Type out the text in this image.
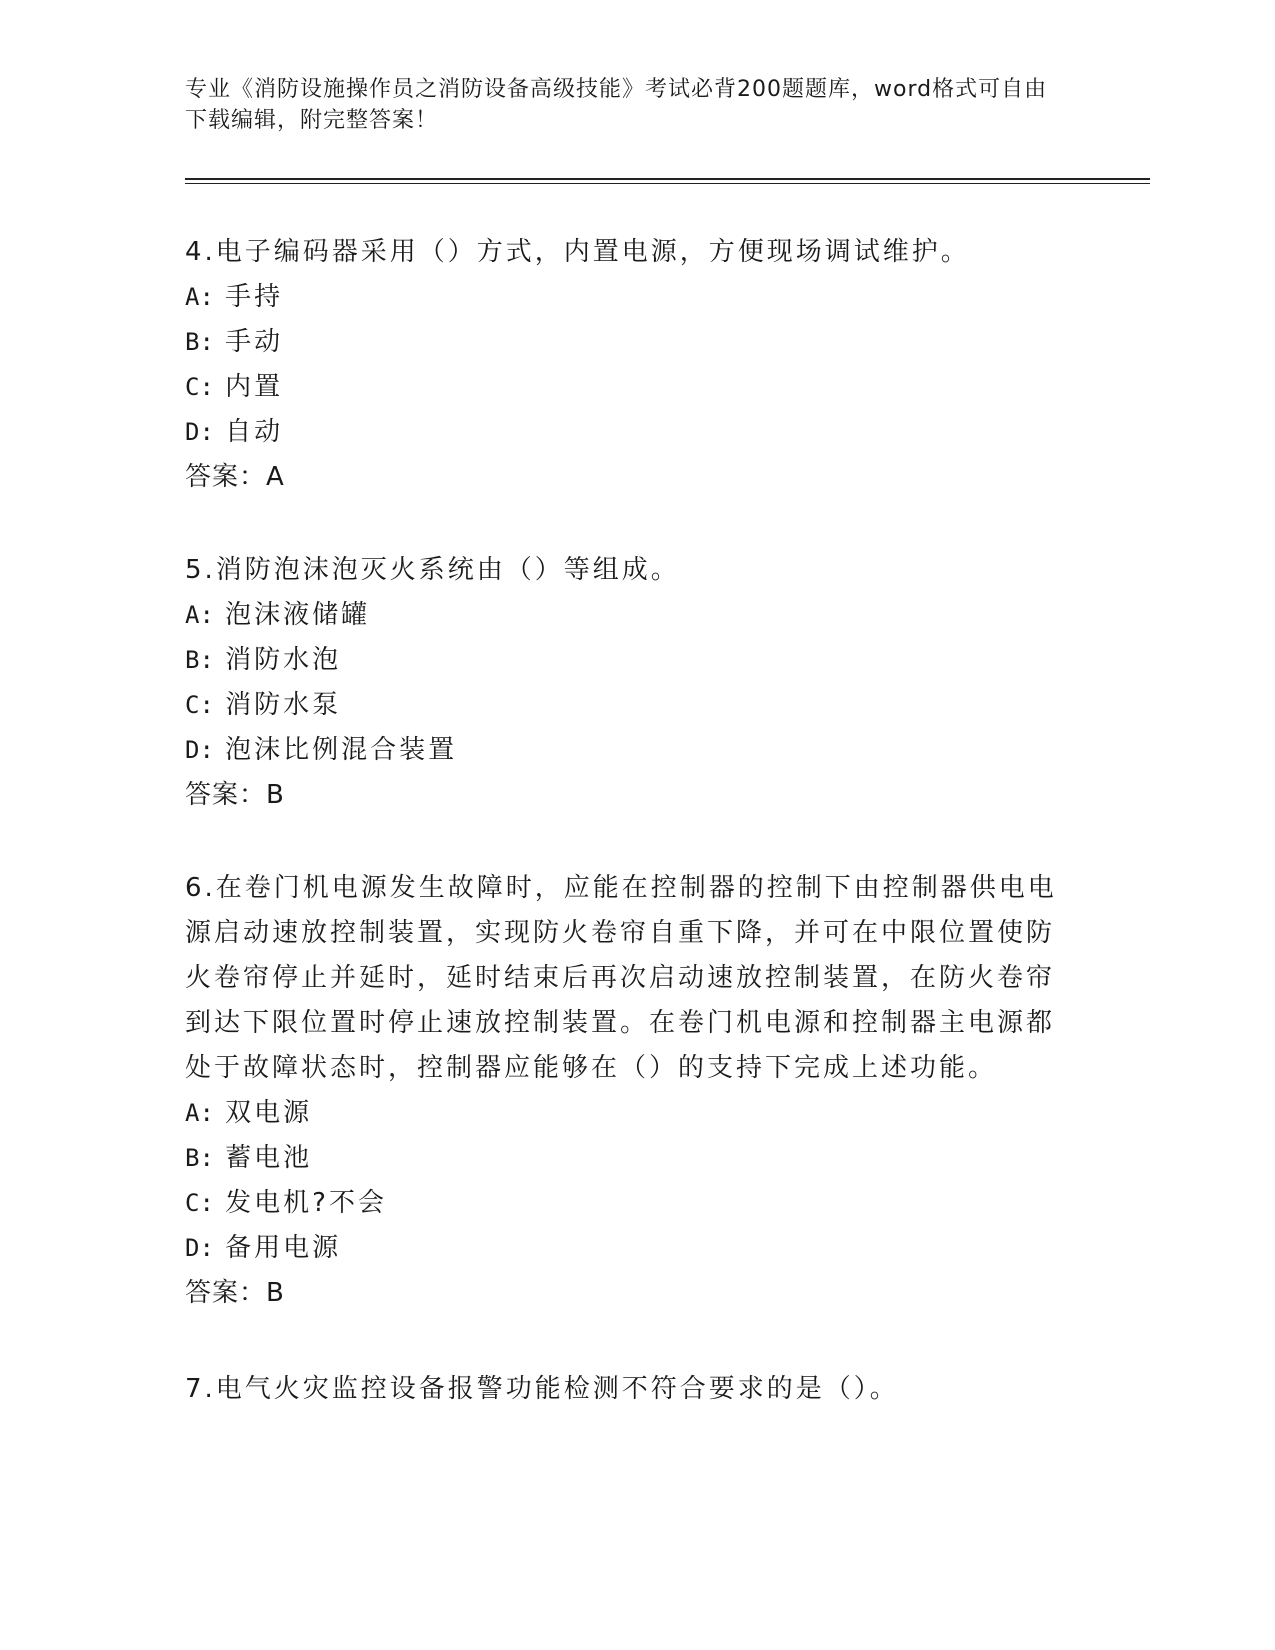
专业《消防设施操作员之消防设备高级技能》考试必背200题题库，word格式可自由下载编辑，附完整答案！
4.电子编码器采用（）方式，内置电源，方便现场调试维护。
A: 手持
B: 手动
C: 内置
D: 自动
答案：A
5.消防泡沫泡灭火系统由（）等组成。
A: 泡沫液储罐
B: 消防水泡
C: 消防水泵
D: 泡沫比例混合装置
答案：B
6.在卷门机电源发生故障时，应能在控制器的控制下由控制器供电电源启动速放控制装置，实现防火卷帘自重下降，并可在中限位置使防火卷帘停止并延时，延时结束后再次启动速放控制装置，在防火卷帘到达下限位置时停止速放控制装置。在卷门机电源和控制器主电源都处于故障状态时，控制器应能够在（）的支持下完成上述功能。
A: 双电源
B: 蓄电池
C: 发电机?不会
D: 备用电源
答案：B
7.电气火灾监控设备报警功能检测不符合要求的是（）。
